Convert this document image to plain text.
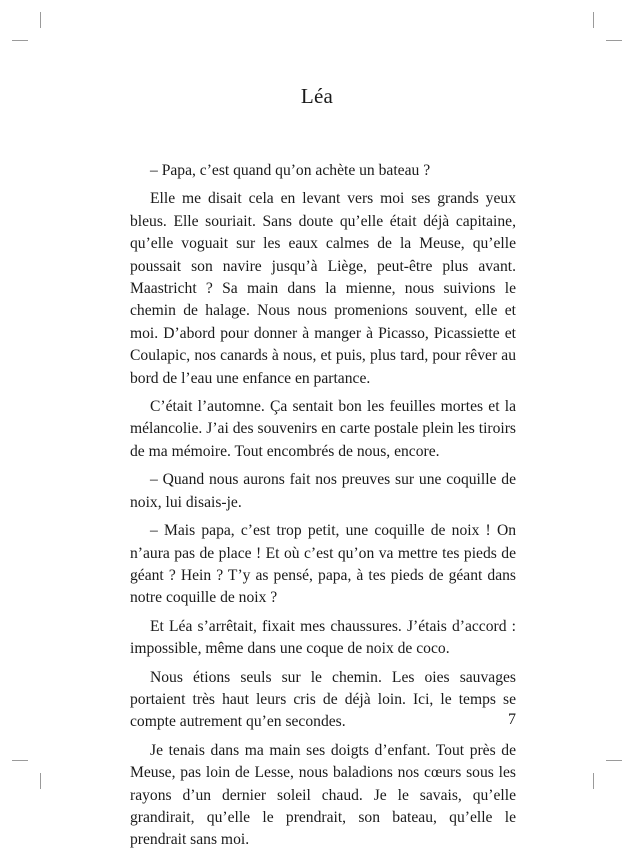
Léa

– Papa, c’est quand qu’on achète un bateau ?

Elle me disait cela en levant vers moi ses grands yeux bleus. Elle souriait. Sans doute qu’elle était déjà capitaine, qu’elle voguait sur les eaux calmes de la Meuse, qu’elle poussait son navire jusqu’à Liège, peut-être plus avant. Maastricht ? Sa main dans la mienne, nous suivions le chemin de halage. Nous nous promenions souvent, elle et moi. D’abord pour donner à manger à Picasso, Picassiette et Coulapic, nos canards à nous, et puis, plus tard, pour rêver au bord de l’eau une enfance en partance.

C’était l’automne. Ça sentait bon les feuilles mortes et la mélancolie. J’ai des souvenirs en carte postale plein les tiroirs de ma mémoire. Tout encombrés de nous, encore.

– Quand nous aurons fait nos preuves sur une coquille de noix, lui disais-je.

– Mais papa, c’est trop petit, une coquille de noix ! On n’aura pas de place ! Et où c’est qu’on va mettre tes pieds de géant ? Hein ? T’y as pensé, papa, à tes pieds de géant dans notre coquille de noix ?

Et Léa s’arrêtait, fixait mes chaussures. J’étais d’accord : impossible, même dans une coque de noix de coco.

Nous étions seuls sur le chemin. Les oies sauvages portaient très haut leurs cris de déjà loin. Ici, le temps se compte autrement qu’en secondes.

Je tenais dans ma main ses doigts d’enfant. Tout près de Meuse, pas loin de Lesse, nous baladions nos cœurs sous les rayons d’un dernier soleil chaud. Je le savais, qu’elle grandirait, qu’elle le prendrait, son bateau, qu’elle le prendrait sans moi.

7
